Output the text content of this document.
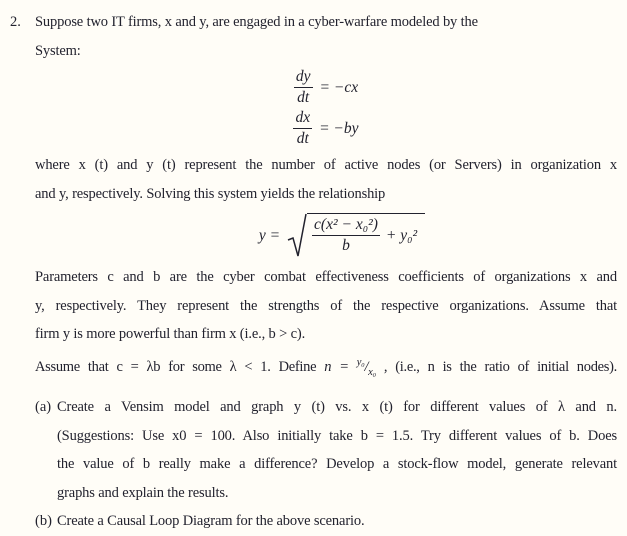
2. Suppose two IT firms, x and y, are engaged in a cyber-warfare modeled by the
System:
$\frac{dy}{dt} = -cx$
$\frac{dx}{dt} = -by$
where x (t) and y (t) represent the number of active nodes (or Servers) in organization x
and y, respectively. Solving this system yields the relationship
$y = \frac{\text{c(x² − x₀²)}}{b} + y_0^2$
Parameters c and b are the cyber combat effectiveness coefficients of organizations x and
y, respectively. They represent the strengths of the respective organizations. Assume that
firm y is more powerful than firm x (i.e., b > c).
Assume that c = λb for some λ < 1. Define $n = ^{y_0}/_{x_0}$ , (i.e., n is the ratio of initial nodes).
(a) Create a Vensim model and graph y (t) vs. x (t) for different values of λ and n.
(Suggestions: Use x0 = 100. Also initially take b = 1.5. Try different values of b. Does
the value of b really make a difference? Develop a stock-flow model, generate relevant
graphs and explain the results.
(b) Create a Causal Loop Diagram for the above scenario.
